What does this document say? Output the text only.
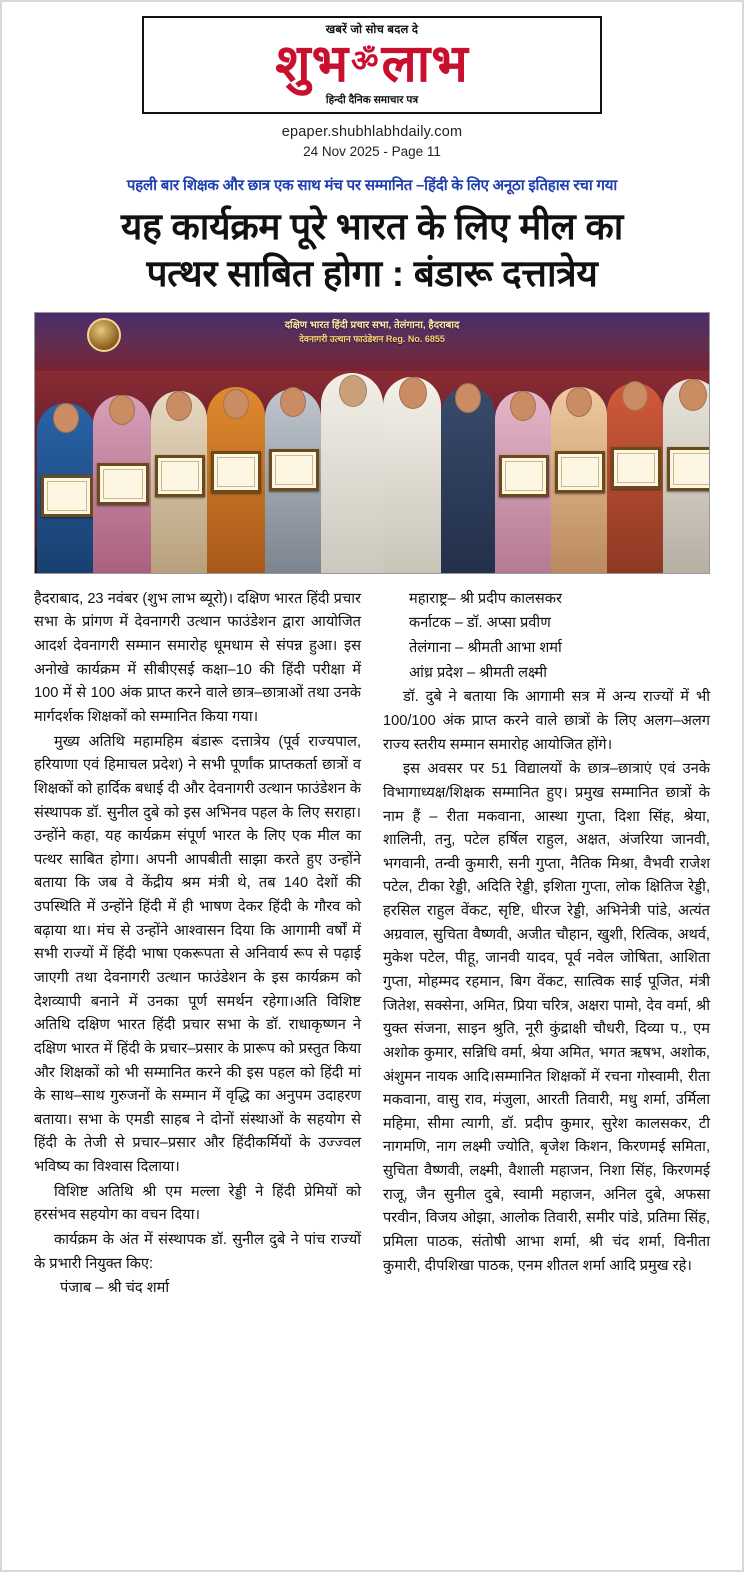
खबरें जो सोच बदल दे
शुभॐलाभ
हिन्दी दैनिक समाचार पत्र
epaper.shubhlabhdaily.com
24 Nov 2025 - Page 11
पहली बार शिक्षक और छात्र एक साथ मंच पर सम्मानित –हिंदी के लिए अनूठा इतिहास रचा गया
यह कार्यक्रम पूरे भारत के लिए मील का
पत्थर साबित होगा : बंडारू दत्तात्रेय
दक्षिण भारत हिंदी प्रचार सभा, तेलंगाना, हैदराबाद
देवनागरी उत्थान फाउंडेशन Reg. No. 6855

हैदराबाद, 23 नवंबर (शुभ लाभ ब्यूरो)। दक्षिण भारत हिंदी प्रचार सभा के प्रांगण में देवनागरी उत्थान फाउंडेशन द्वारा आयोजित आदर्श देवनागरी सम्मान समारोह धूमधाम से संपन्न हुआ। इस अनोखे कार्यक्रम में सीबीएसई कक्षा–10 की हिंदी परीक्षा में 100 में से 100 अंक प्राप्त करने वाले छात्र–छात्राओं तथा उनके मार्गदर्शक शिक्षकों को सम्मानित किया गया।

मुख्य अतिथि महामहिम बंडारू दत्तात्रेय (पूर्व राज्यपाल, हरियाणा एवं हिमाचल प्रदेश) ने सभी पूर्णांक प्राप्तकर्ता छात्रों व शिक्षकों को हार्दिक बधाई दी और देवनागरी उत्थान फाउंडेशन के संस्थापक डॉ. सुनील दुबे को इस अभिनव पहल के लिए सराहा। उन्होंने कहा, यह कार्यक्रम संपूर्ण भारत के लिए एक मील का पत्थर साबित होगा। अपनी आपबीती साझा करते हुए उन्होंने बताया कि जब वे केंद्रीय श्रम मंत्री थे, तब 140 देशों की उपस्थिति में उन्होंने हिंदी में ही भाषण देकर हिंदी के गौरव को बढ़ाया था। मंच से उन्होंने आश्वासन दिया कि आगामी वर्षों में सभी राज्यों में हिंदी भाषा एकरूपता से अनिवार्य रूप से पढ़ाई जाएगी तथा देवनागरी उत्थान फाउंडेशन के इस कार्यक्रम को देशव्यापी बनाने में उनका पूर्ण समर्थन रहेगा।अति विशिष्ट अतिथि दक्षिण भारत हिंदी प्रचार सभा के डॉ. राधाकृष्णन ने दक्षिण भारत में हिंदी के प्रचार–प्रसार के प्रारूप को प्रस्तुत किया और शिक्षकों को भी सम्मानित करने की इस पहल को हिंदी मां के साथ–साथ गुरुजनों के सम्मान में वृद्धि का अनुपम उदाहरण बताया। सभा के एमडी साहब ने दोनों संस्थाओं के सहयोग से हिंदी के तेजी से प्रचार–प्रसार और हिंदीकर्मियों के उज्ज्वल भविष्य का विश्वास दिलाया।

विशिष्ट अतिथि श्री एम मल्ला रेड्डी ने हिंदी प्रेमियों को हरसंभव सहयोग का वचन दिया।

कार्यक्रम के अंत में संस्थापक डॉ. सुनील दुबे ने पांच राज्यों के प्रभारी नियुक्त किए:

पंजाब – श्री चंद शर्मा

महाराष्ट्र– श्री प्रदीप कालसकर

कर्नाटक – डॉ. अप्सा प्रवीण

तेलंगाना – श्रीमती आभा शर्मा

आंध्र प्रदेश – श्रीमती लक्ष्मी

डॉ. दुबे ने बताया कि आगामी सत्र में अन्य राज्यों में भी 100/100 अंक प्राप्त करने वाले छात्रों के लिए अलग–अलग राज्य स्तरीय सम्मान समारोह आयोजित होंगे।

इस अवसर पर 51 विद्यालयों के छात्र–छात्राएं एवं उनके विभागाध्यक्ष/शिक्षक सम्मानित हुए। प्रमुख सम्मानित छात्रों के नाम हैं – रीता मकवाना, आस्था गुप्ता, दिशा सिंह, श्रेया, शालिनी, तनु, पटेल हर्षिल राहुल, अक्षत, अंजरिया जानवी, भगवानी, तन्वी कुमारी, सनी गुप्ता, नैतिक मिश्रा, वैभवी राजेश पटेल, टीका रेड्डी, अदिति रेड्डी, इशिता गुप्ता, लोक क्षितिज रेड्डी, हरसिल राहुल वेंकट, सृष्टि, धीरज रेड्डी, अभिनेत्री पांडे, अत्यंत अग्रवाल, सुचिता वैष्णवी, अजीत चौहान, खुशी, रित्विक, अथर्व, मुकेश पटेल, पीहू, जानवी यादव, पूर्व नवेल जोषिता, आशिता गुप्ता, मोहम्मद रहमान, बिग वेंकट, सात्विक साई पूजित, मंत्री जितेश, सक्सेना, अमित, प्रिया चरित्र, अक्षरा पामो, देव वर्मा, श्री युक्त संजना, साइन श्रुति, नूरी कुंद्राक्षी चौधरी, दिव्या प., एम अशोक कुमार, सन्निधि वर्मा, श्रेया अमित, भगत ऋषभ, अशोक, अंशुमन नायक आदि।सम्मानित शिक्षकों में रचना गोस्वामी, रीता मकवाना, वासु राव, मंजुला, आरती तिवारी, मधु शर्मा, उर्मिला महिमा, सीमा त्यागी, डॉ. प्रदीप कुमार, सुरेश कालसकर, टी नागमणि, नाग लक्ष्मी ज्योति, बृजेश किशन, किरणमई समिता, सुचिता वैष्णवी, लक्ष्मी, वैशाली महाजन, निशा सिंह, किरणमई राजू, जैन सुनील दुबे, स्वामी महाजन, अनिल दुबे, अफसा परवीन, विजय ओझा, आलोक तिवारी, समीर पांडे, प्रतिमा सिंह, प्रमिला पाठक, संतोषी आभा शर्मा, श्री चंद शर्मा, विनीता कुमारी, दीपशिखा पाठक, एनम शीतल शर्मा आदि प्रमुख रहे।
